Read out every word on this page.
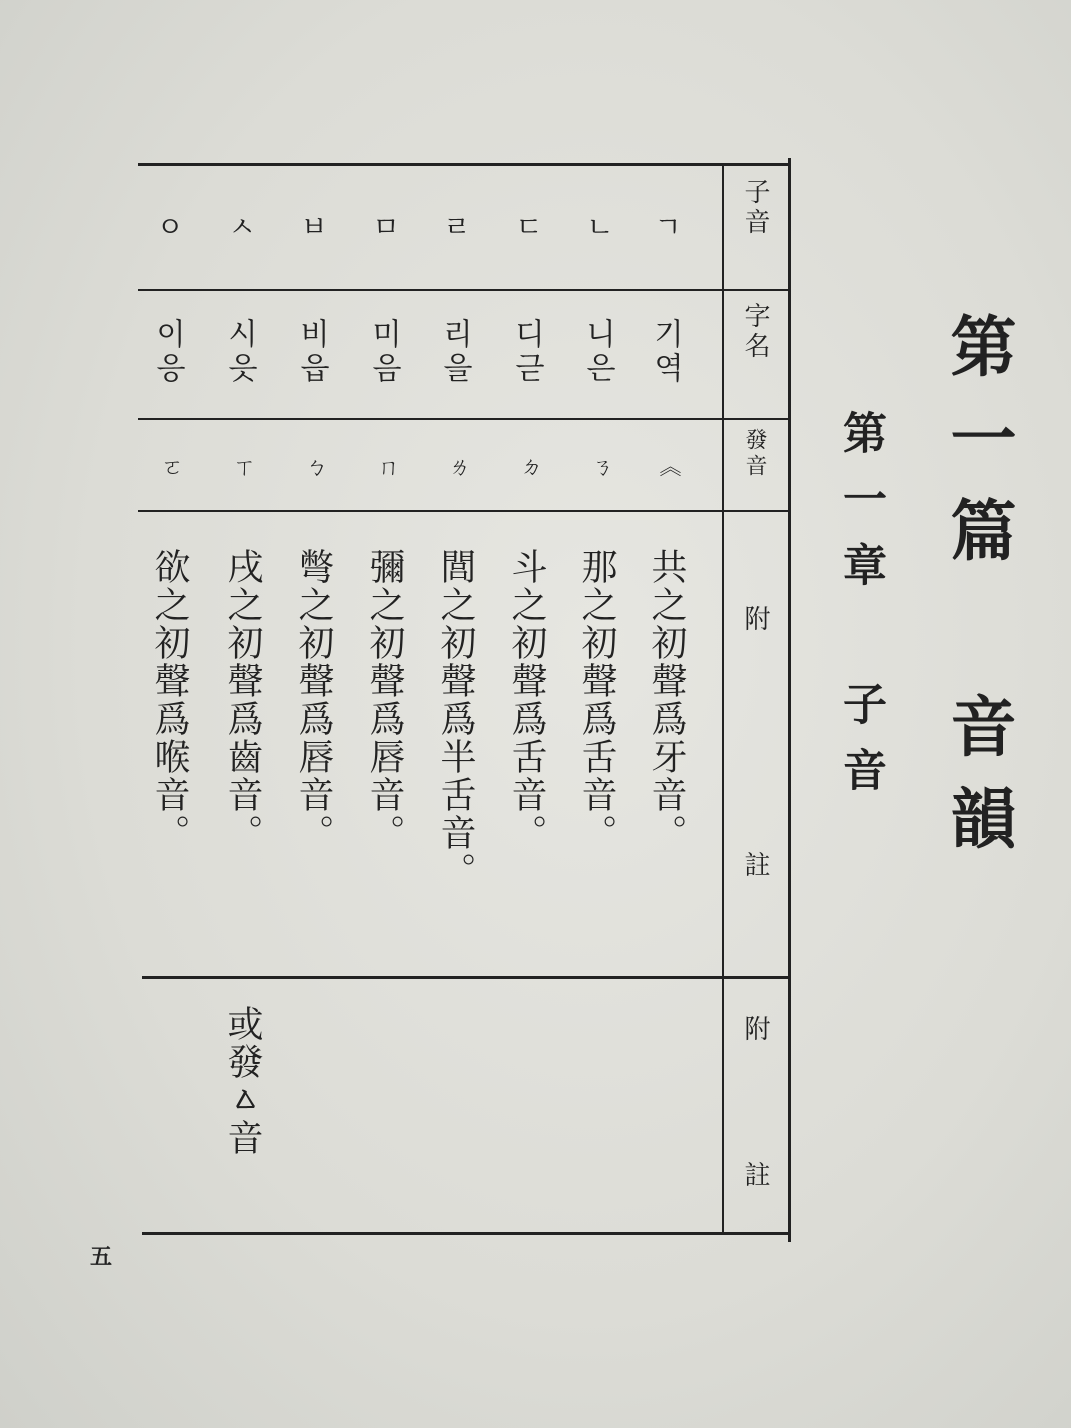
第一篇 音韻
第一章 子音
子音
字名
發音
附註
附註
ㄱ
기역
《
共之初聲爲牙音。
ㄴ
니은
ㄋ
那之初聲爲舌音。
ㄷ
디귿
ㄉ
斗之初聲爲舌音。
ㄹ
리을
ㄌ
閭之初聲爲半舌音。
ㅁ
미음
ㄇ
彌之初聲爲唇音。
ㅂ
비읍
ㄅ
彆之初聲爲唇音。
ㅅ
시읏
ㄒ
戌之初聲爲齒音。
ㅇ
이응
ㄛ
欲之初聲爲喉音。
或發ㅿ音
五
